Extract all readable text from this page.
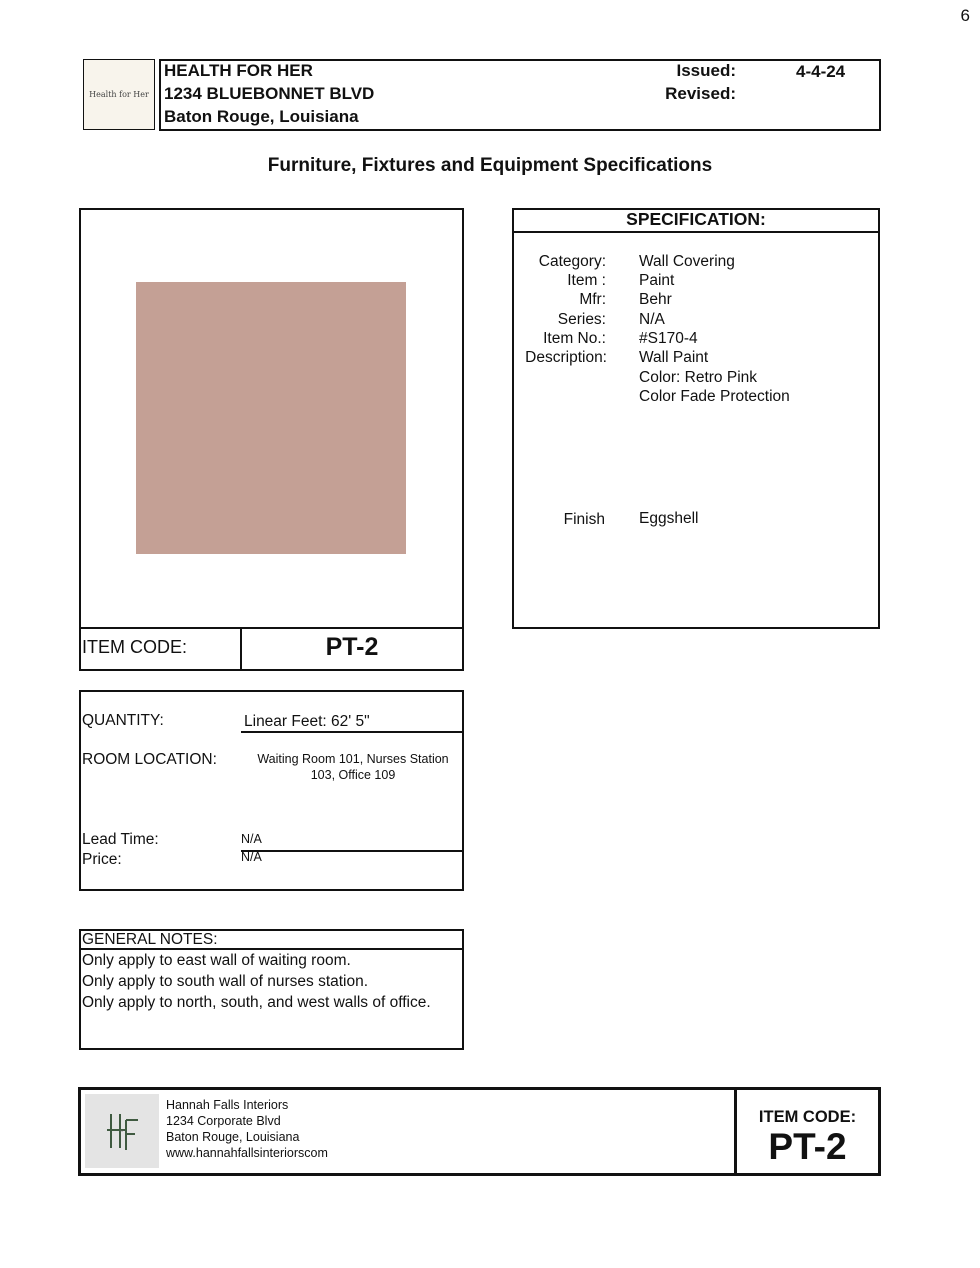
6
Health for Her
HEALTH FOR HER
1234 BLUEBONNET BLVD
Baton Rouge, Louisiana
Issued:
Revised:
4-4-24
Furniture, Fixtures and Equipment Specifications
ITEM CODE:	PT-2
SPECIFICATION:
Category: Wall Covering
Item : Paint
Mfr: Behr
Series: N/A
Item No.: #S170-4
Description: Wall Paint
Color: Retro Pink
Color Fade Protection
Finish Eggshell
QUANTITY:	Linear Feet: 62' 5"
ROOM LOCATION:	Waiting Room 101, Nurses Station
103, Office 109
Lead Time:	N/A
Price:	N/A
GENERAL NOTES:
Only apply to east wall of waiting room.
Only apply to south wall of nurses station.
Only apply to north, south, and west walls of office.
HF
Hannah Falls Interiors
1234 Corporate Blvd
Baton Rouge, Louisiana
www.hannahfallsinteriorscom
ITEM CODE:
PT-2
